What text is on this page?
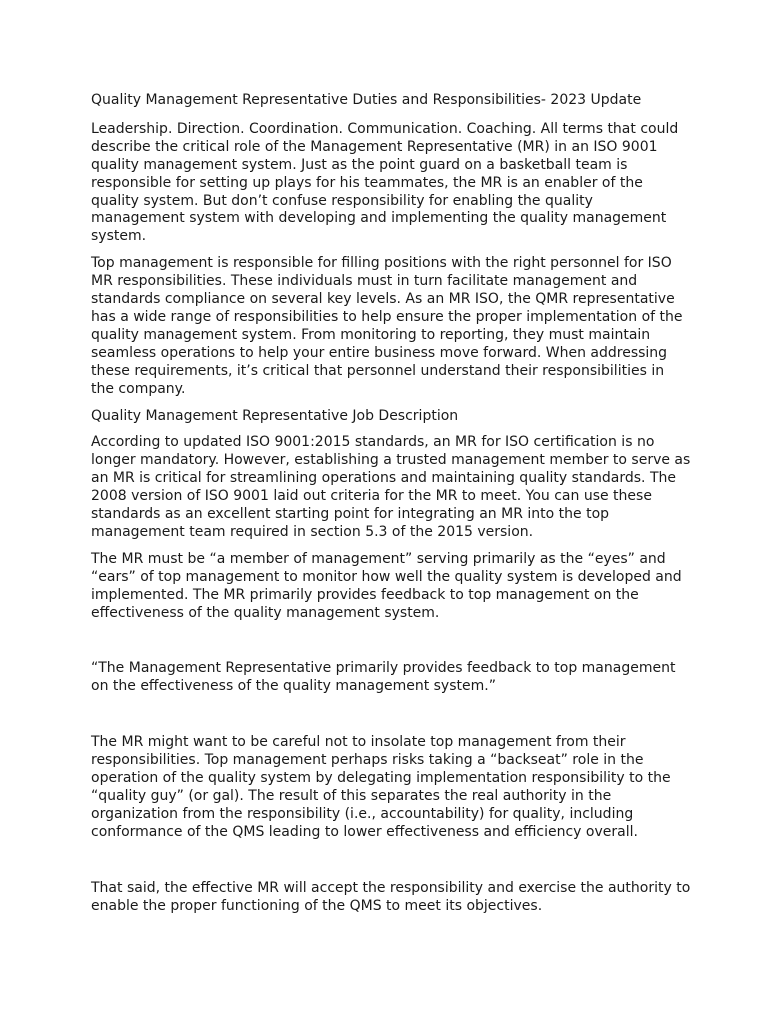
Quality Management Representative Duties and Responsibilities- 2023 Update

Leadership. Direction. Coordination. Communication. Coaching. All terms that could describe the critical role of the Management Representative (MR) in an ISO 9001 quality management system. Just as the point guard on a basketball team is responsible for setting up plays for his teammates, the MR is an enabler of the quality system. But don’t confuse responsibility for enabling the quality management system with developing and implementing the quality management system.

Top management is responsible for filling positions with the right personnel for ISO MR responsibilities. These individuals must in turn facilitate management and standards compliance on several key levels. As an MR ISO, the QMR representative has a wide range of responsibilities to help ensure the proper implementation of the quality management system. From monitoring to reporting, they must maintain seamless operations to help your entire business move forward. When addressing these requirements, it’s critical that personnel understand their responsibilities in the company.

Quality Management Representative Job Description

According to updated ISO 9001:2015 standards, an MR for ISO certification is no longer mandatory. However, establishing a trusted management member to serve as an MR is critical for streamlining operations and maintaining quality standards. The 2008 version of ISO 9001 laid out criteria for the MR to meet. You can use these standards as an excellent starting point for integrating an MR into the top management team required in section 5.3 of the 2015 version.

The MR must be “a member of management” serving primarily as the “eyes” and “ears” of top management to monitor how well the quality system is developed and implemented. The MR primarily provides feedback to top management on the effectiveness of the quality management system.

“The Management Representative primarily provides feedback to top management on the effectiveness of the quality management system.”

The MR might want to be careful not to insolate top management from their responsibilities. Top management perhaps risks taking a “backseat” role in the operation of the quality system by delegating implementation responsibility to the “quality guy” (or gal). The result of this separates the real authority in the organization from the responsibility (i.e., accountability) for quality, including conformance of the QMS leading to lower effectiveness and efficiency overall.

That said, the effective MR will accept the responsibility and exercise the authority to enable the proper functioning of the QMS to meet its objectives.
